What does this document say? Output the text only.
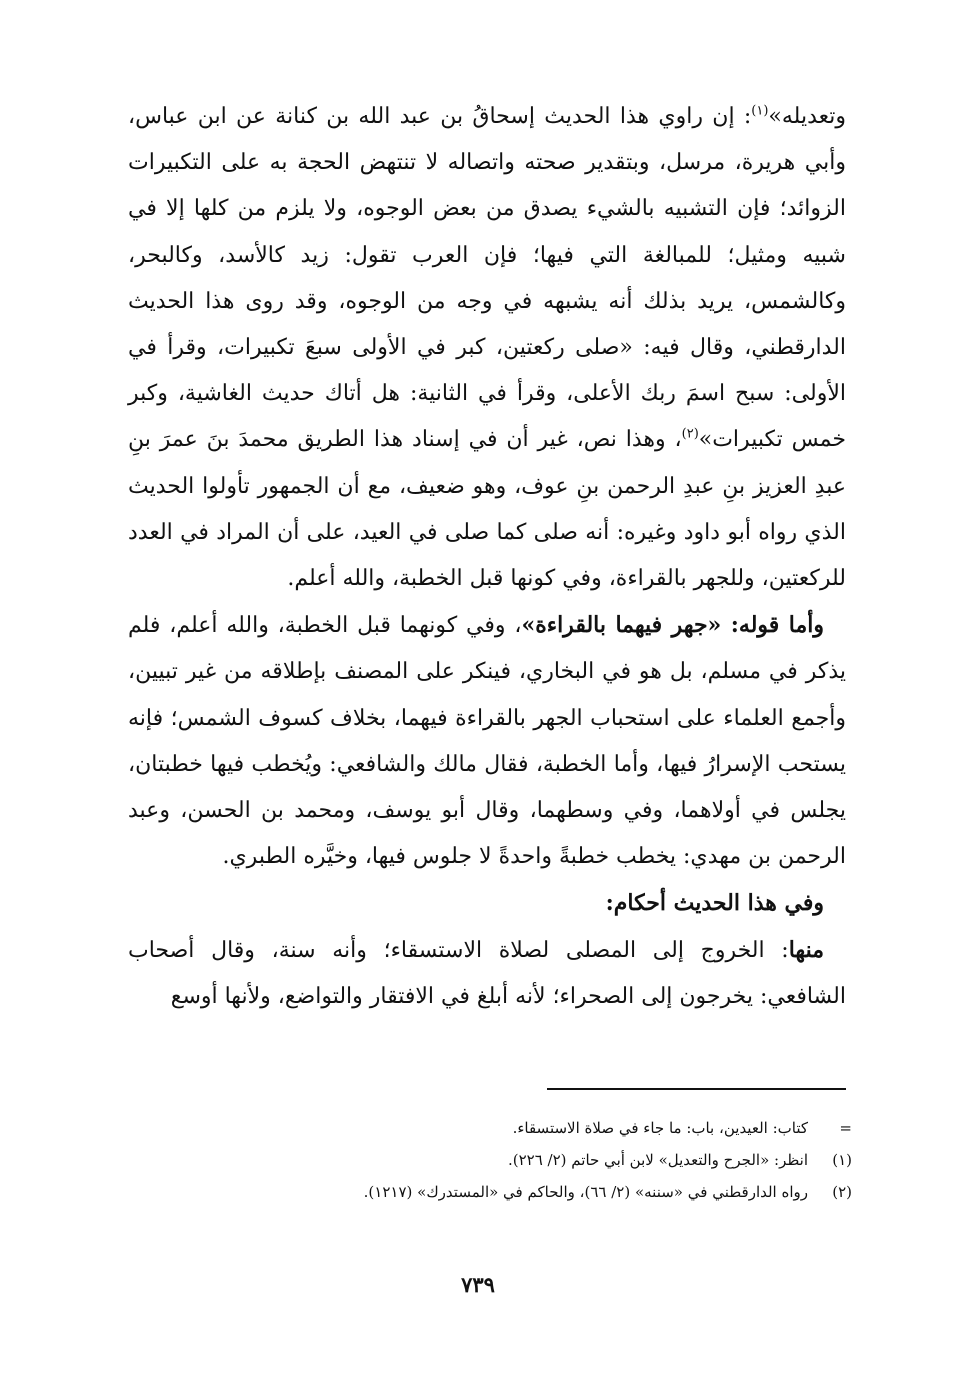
وتعديله»$^{(١)}$: إن راوي هذا الحديث إسحاقُ بن عبد الله بن كنانة عن ابن عباس، وأبي هريرة، مرسل، وبتقدير صحته واتصاله لا تنتهض الحجة به على التكبيرات الزوائد؛ فإن التشبيه بالشيء يصدق من بعض الوجوه، ولا يلزم من كلها إلا في شبيه ومثيل؛ للمبالغة التي فيها؛ فإن العرب تقول: زيد كالأسد، وكالبحر، وكالشمس، يريد بذلك أنه يشبهه في وجه من الوجوه، وقد روى هذا الحديث الدارقطني، وقال فيه: «صلى ركعتين، كبر في الأولى سبعَ تكبيرات، وقرأ في الأولى: سبح اسمَ ربك الأعلى، وقرأ في الثانية: هل أتاك حديث الغاشية، وكبر خمس تكبيرات»$^{(٢)}$، وهذا نص، غير أن في إسناد هذا الطريق محمدَ بنَ عمرَ بنِ عبدِ العزيز بنِ عبدِ الرحمن بنِ عوف، وهو ضعيف، مع أن الجمهور تأولوا الحديث الذي رواه أبو داود وغيره: أنه صلى كما صلى في العيد، على أن المراد في العدد للركعتين، وللجهر بالقراءة، وفي كونها قبل الخطبة، والله أعلم.

وأما قوله: «جهر فيهما بالقراءة»، وفي كونهما قبل الخطبة، والله أعلم، فلم يذكر في مسلم، بل هو في البخاري، فينكر على المصنف بإطلاقه من غير تبيين، وأجمع العلماء على استحباب الجهر بالقراءة فيهما، بخلاف كسوف الشمس؛ فإنه يستحب الإسرارُ فيها، وأما الخطبة، فقال مالك والشافعي: ويُخطب فيها خطبتان، يجلس في أولاهما، وفي وسطهما، وقال أبو يوسف، ومحمد بن الحسن، وعبد الرحمن بن مهدي: يخطب خطبةً واحدةً لا جلوس فيها، وخيَّره الطبري.

وفي هذا الحديث أحكام:

منها: الخروج إلى المصلى لصلاة الاستسقاء؛ وأنه سنة، وقال أصحاب الشافعي: يخرجون إلى الصحراء؛ لأنه أبلغ في الافتقار والتواضع، ولأنها أوسع

=
كتاب: العيدين، باب: ما جاء في صلاة الاستسقاء.
(١)
انظر: «الجرح والتعديل» لابن أبي حاتم (٢/ ٢٢٦).
(٢)
رواه الدارقطني في «سننه» (٢/ ٦٦)، والحاكم في «المستدرك» (١٢١٧).
٧٣٩
